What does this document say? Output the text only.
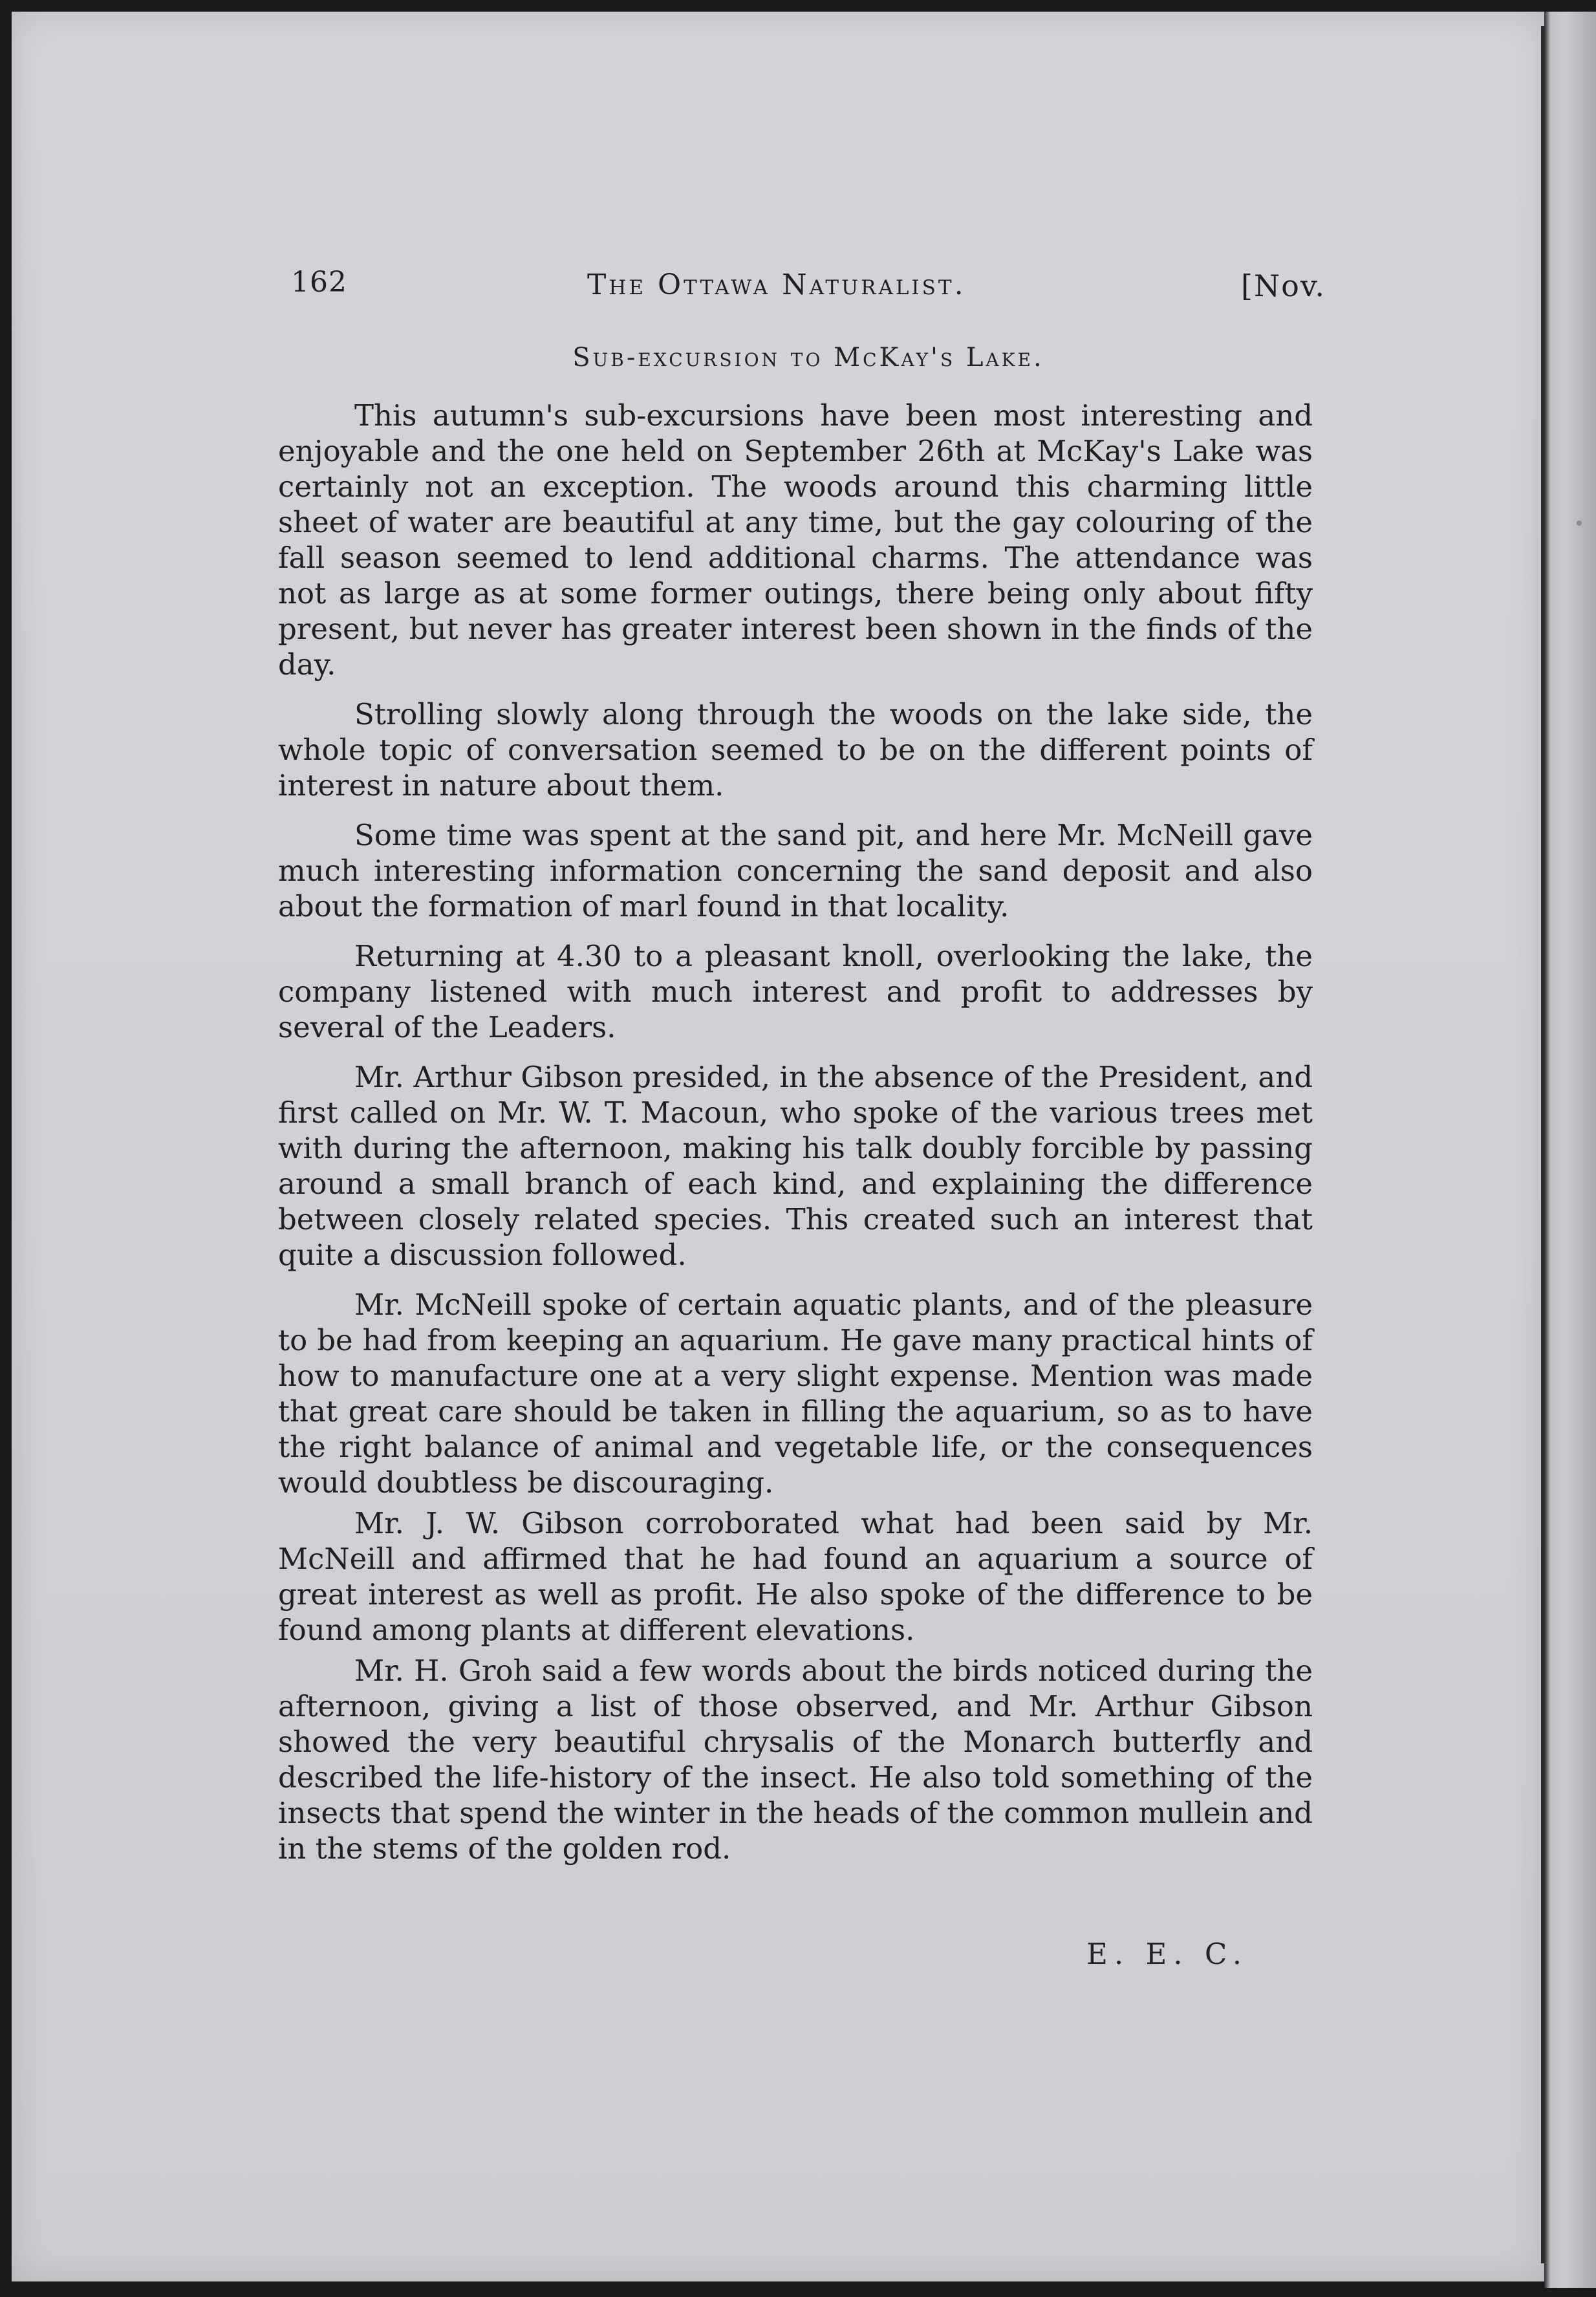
162	The Ottawa Naturalist.	[Nov.
Sub-excursion to McKay's Lake.

This autumn's sub-excursions have been most interesting and enjoyable and the one held on September 26th at McKay's Lake was certainly not an exception. The woods around this charming little sheet of water are beautiful at any time, but the gay colouring of the fall season seemed to lend additional charms. The attendance was not as large as at some former outings, there being only about fifty present, but never has greater interest been shown in the finds of the day.

Strolling slowly along through the woods on the lake side, the whole topic of conversation seemed to be on the different points of interest in nature about them.

Some time was spent at the sand pit, and here Mr. McNeill gave much interesting information concerning the sand deposit and also about the formation of marl found in that locality.

Returning at 4.30 to a pleasant knoll, overlooking the lake, the company listened with much interest and profit to addresses by several of the Leaders.

Mr. Arthur Gibson presided, in the absence of the President, and first called on Mr. W. T. Macoun, who spoke of the various trees met with during the afternoon, making his talk doubly forcible by passing around a small branch of each kind, and explaining the difference between closely related species. This created such an interest that quite a discussion followed.

Mr. McNeill spoke of certain aquatic plants, and of the pleasure to be had from keeping an aquarium. He gave many practical hints of how to manufacture one at a very slight expense. Mention was made that great care should be taken in filling the aquarium, so as to have the right balance of animal and vegetable life, or the consequences would doubtless be discouraging.

Mr. J. W. Gibson corroborated what had been said by Mr. McNeill and affirmed that he had found an aquarium a source of great interest as well as profit. He also spoke of the difference to be found among plants at different elevations.

Mr. H. Groh said a few words about the birds noticed during the afternoon, giving a list of those observed, and Mr. Arthur Gibson showed the very beautiful chrysalis of the Monarch butterfly and described the life-history of the insect. He also told something of the insects that spend the winter in the heads of the common mullein and in the stems of the golden rod.

E. E. C.
